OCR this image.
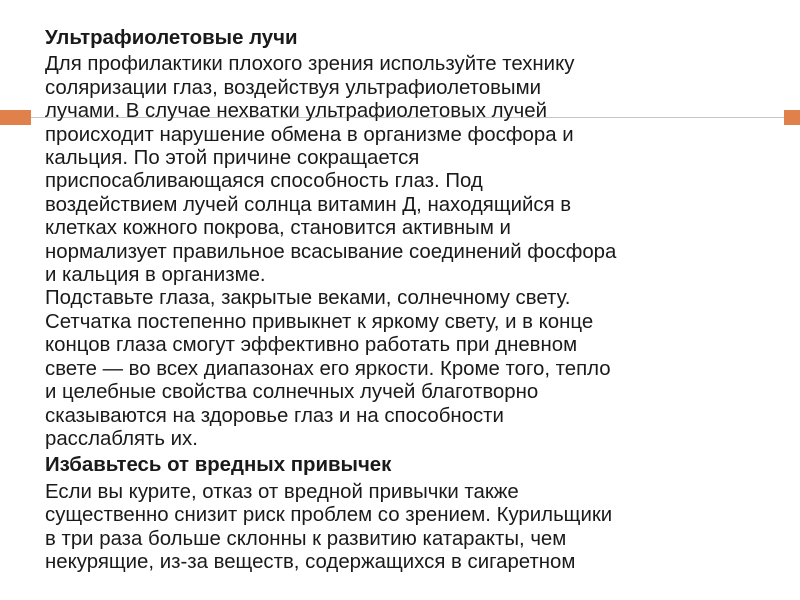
Ультрафиолетовые лучи
Для профилактики плохого зрения используйте технику
соляризации глаз, воздействуя ультрафиолетовыми
лучами. В случае нехватки ультрафиолетовых лучей
происходит нарушение обмена в организме фосфора и
кальция. По этой причине сокращается
приспосабливающаяся способность глаз. Под
воздействием лучей солнца витамин Д, находящийся в
клетках кожного покрова, становится активным и
нормализует правильное всасывание соединений фосфора
и кальция в организме.
Подставьте глаза, закрытые веками, солнечному свету.
Сетчатка постепенно привыкнет к яркому свету, и в конце
концов глаза смогут эффективно работать при дневном
свете — во всех диапазонах его яркости. Кроме того, тепло
и целебные свойства солнечных лучей благотворно
сказываются на здоровье глаз и на способности
расслаблять их.
Избавьтесь от вредных привычек
Если вы курите, отказ от вредной привычки также
существенно снизит риск проблем со зрением. Курильщики
в три раза больше склонны к развитию катаракты, чем
некурящие, из-за веществ, содержащихся в сигаретном
